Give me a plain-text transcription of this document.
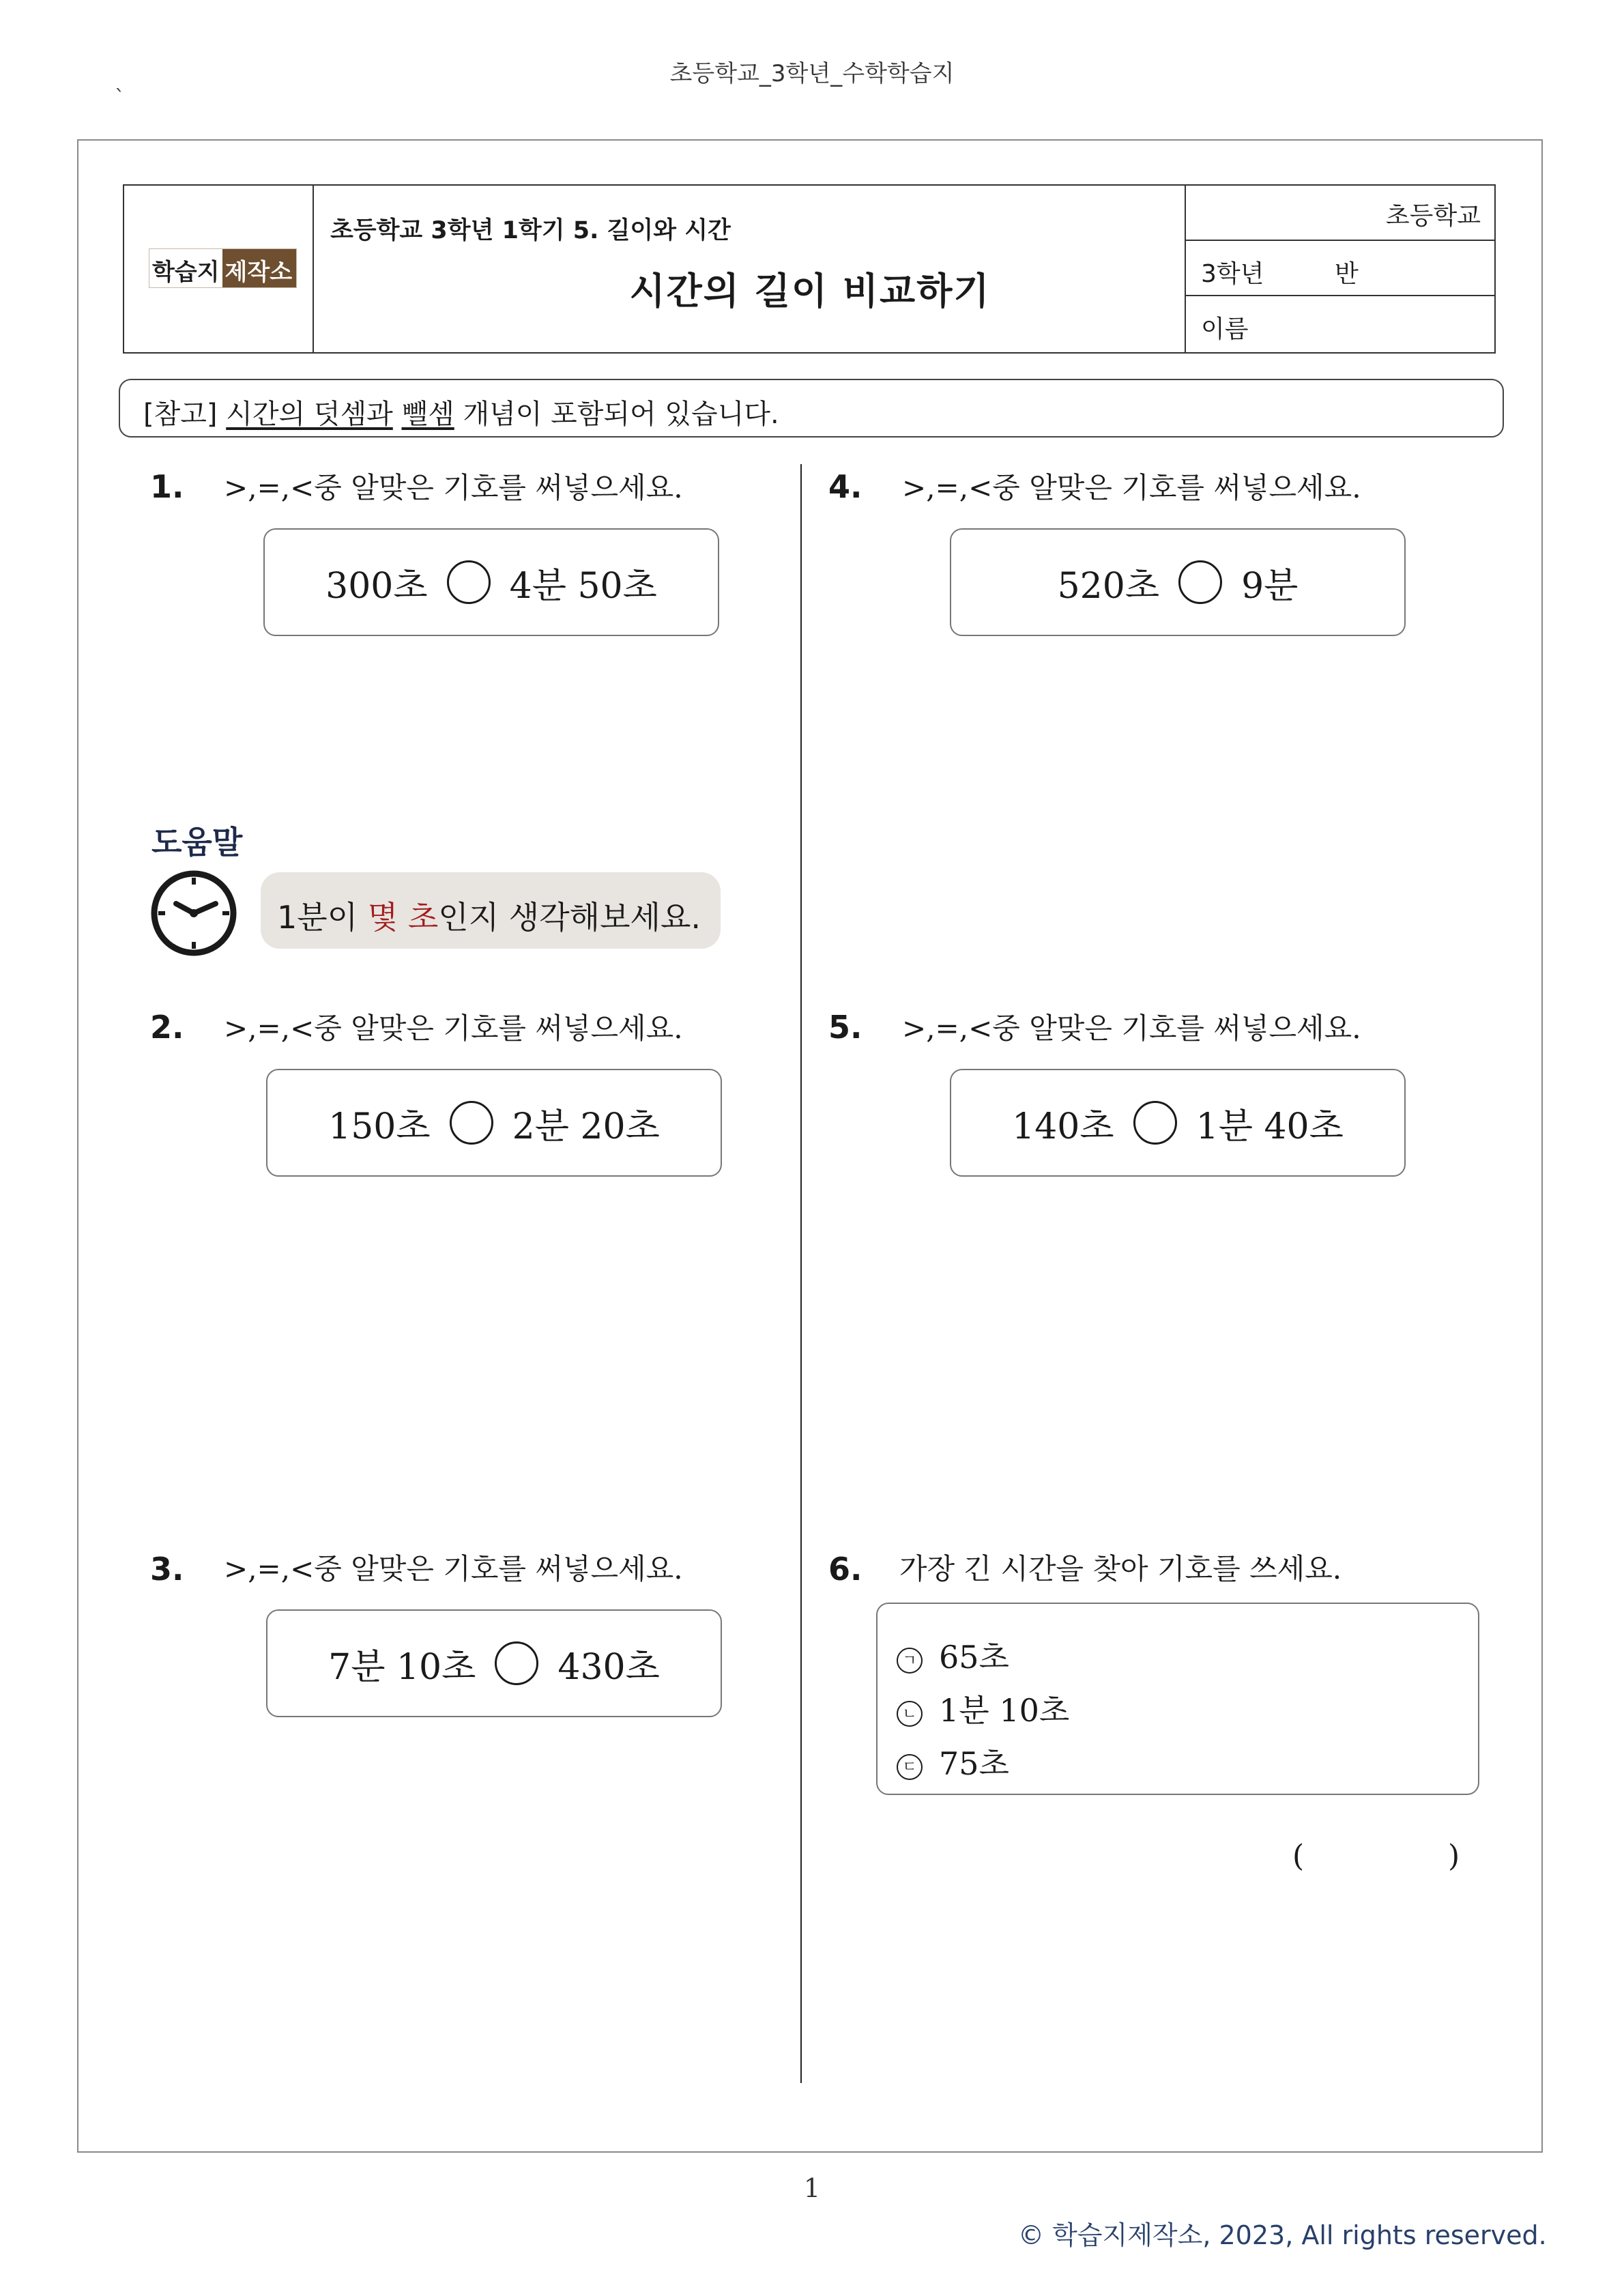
초등학교_3학년_수학학습지
`
학습지 제작소
초등학교 3학년 1학기 5. 길이와 시간
시간의 길이 비교하기
초등학교
3학년	반
이름
[참고] 시간의 덧셈과 뺄셈 개념이 포함되어 있습니다.
1. >,=,<중 알맞은 기호를 써넣으세요.
300초 4분 50초
도움말
1분이 몇 초인지 생각해보세요.
2. >,=,<중 알맞은 기호를 써넣으세요.
150초 2분 20초
3. >,=,<중 알맞은 기호를 써넣으세요.
7분 10초 430초
4. >,=,<중 알맞은 기호를 써넣으세요.
520초 9분
5. >,=,<중 알맞은 기호를 써넣으세요.
140초 1분 40초
6. 가장 긴 시간을 찾아 기호를 쓰세요.
ㄱ 65초
ㄴ 1분 10초
ㄷ 75초
(	)
1
© 학습지제작소, 2023, All rights reserved.
